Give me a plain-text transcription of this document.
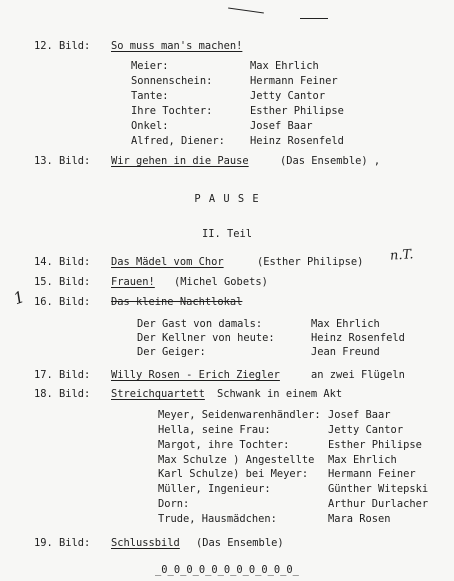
12. Bild: So muss man's machen!
Meier:	Max Ehrlich
Sonnenschein:	Hermann Feiner
Tante:	Jetty Cantor
Ihre Tochter:	Esther Philipse
Onkel:	Josef Baar
Alfred, Diener: Heinz Rosenfeld
13. Bild: Wir gehen in die Pause	(Das Ensemble) ,
P A U S E
II. Teil
14. Bild: Das Mädel vom Chor	(Esther Philipse) n.T.
15. Bild: Frauen! (Michel Gobets)
1 16. Bild: Das kleine Nachtlokal
Der Gast von damals:	Max Ehrlich
Der Kellner von heute:	Heinz Rosenfeld
Der Geiger:	Jean Freund
17. Bild: Willy Rosen - Erich Ziegler	an zwei Flügeln
18. Bild: Streichquartett Schwank in einem Akt
Meyer, Seidenwarenhändler: Josef Baar
Hella, seine Frau:	Jetty Cantor
Margot, ihre Tochter:	Esther Philipse
Max Schulze ) Angestellte Max Ehrlich
Karl Schulze) bei Meyer: Hermann Feiner
Müller, Ingenieur:	Günther Witepski
Dorn:	Arthur Durlacher
Trude, Hausmädchen:	Mara Rosen
19. Bild: Schlussbild (Das Ensemble)
_0_0_0_0_0_0_0_0_0_0_0_
